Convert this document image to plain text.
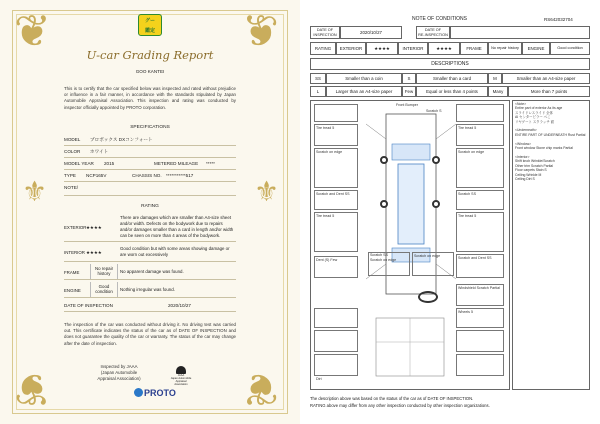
❦	❦
❦	❦
⚜	⚜
グー
鑑定
U-car Grading Report
GOO KANTEI
This is to certify that the car specified below was inspected and rated without prejudice or influence in a fair manner, in accordance with the standards stipulated by Japan Automobile Appraisal Association. This inspection and rating was conducted by inspector officially appointed by PROTO corporation.
SPECIFICATIONS
MODEL プロボックス DXコンフォート
COLOR ホワイト
MODEL YEAR 2015	METERED MILEAGE *****
TYPE NCP165V	CHASSIS NO. ***********517
NOTE/
RATING
EXTERIOR ★★★★
There are damages which are smaller than A4-size sheet and/or width. Defects on the bodywork due to repairs and/or damages smaller than a card in length and/or width can be seen on more than 4 areas of the bodywork.
INTERIOR ★★★★
Good condition but with some areas showing damage or are worn out excessively
FRAME
No repair history	No apparent damage was found.
ENGINE
Good condition	Nothing irregular was found.
DATE OF INSPECTION	2020/10/27
The inspection of the car was conducted without driving it. No driving test was carried out. This certificate indicates the status of the car as of DATE OF INSPECTION and does not guarantee the quality of the car or warranty. The status of the car may change after the date of inspection.
Inspected by JAAA
(Japan Automobile
Appraisal Association)
JAAA
Japan Automobile Appraisal Association
PROTO
NOTE OF CONDITIONS	RS642032704
DATE OF
INSPECTION	2020/10/27
DATE OF
RE-INSPECTION
RATING	EXTERIOR	★★★★	INTERIOR	★★★★	FRAME	No repair history	ENGINE	Good condition
DESCRIPTIONS
SS	Smaller than a coin	S	Smaller than a card	M	Smaller than an A4-size paper
L	Larger than an A4-size paper	Few	Equal or less than 4 points	Many	More than 7 points
Front Bumper
Scratch S
Tire tread 5	Tire tread 5
Scratch on edge	Scratch on edge
Scratch and Dent SS	Scratch SS
Tire tread 5	Tire tread 5
Scratch and Dent SS
Dent (S) Few
Scratch SS
Scratch on edge
Scratch on edge
Windshield Scratch Partial
Wheels 5
Dirt
<Note>
Entire part of exterior As its age
スライドレスライド 全体
AI センターピラー べこ
リヤゲート スクラッチ 面

<Underneath>
ENTIRE PART OF UNDERNEATH Rust Partial

<Window>
Front window Stone chip marks Partial

<Interior>
Shift knob Wrinkle/Scratch
Other trim Scratch Partial
Floor carpets Stain S
Ceiling Wrinkle M
Ceiling Dirt S
The description above was based on the status of the car as of DATE OF INSPECTION.
RATING above may differ from any other inspection conducted by other inspection organizations.
